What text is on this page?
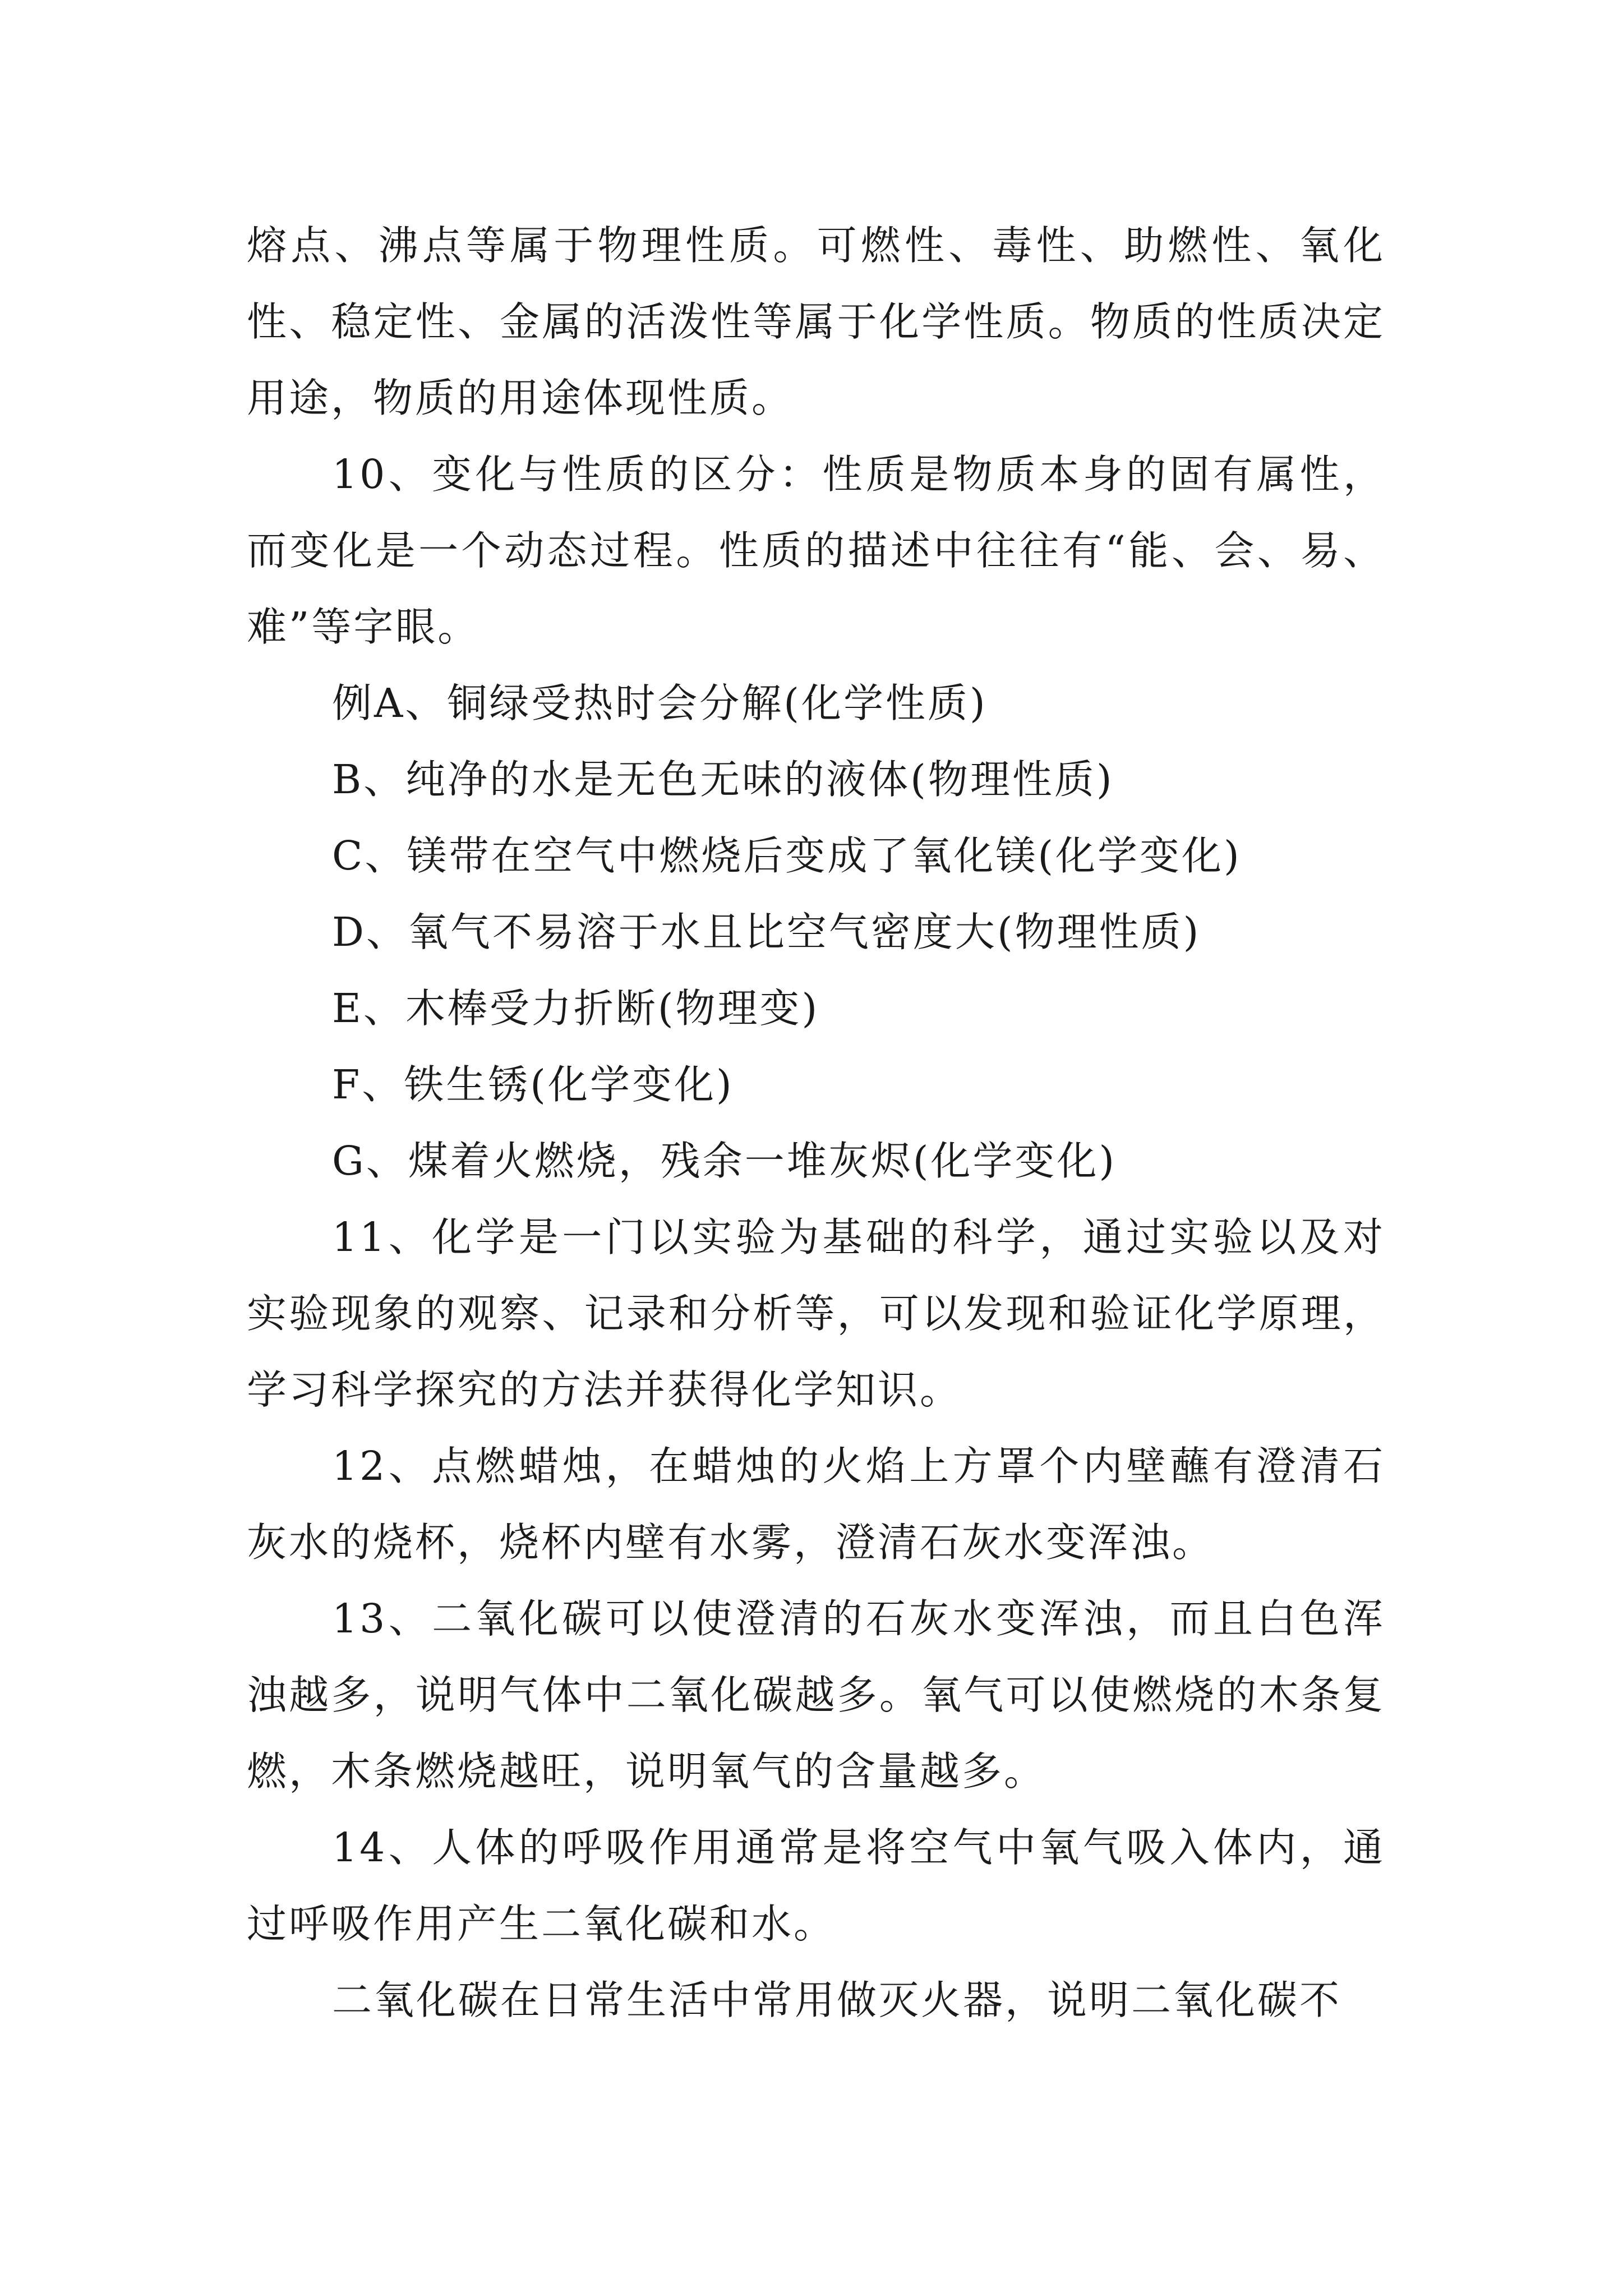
熔点、沸点等属于物理性质。可燃性、毒性、助燃性、氧化性、稳定性、金属的活泼性等属于化学性质。物质的性质决定用途，物质的用途体现性质。

10、变化与性质的区分：性质是物质本身的固有属性，而变化是一个动态过程。性质的描述中往往有“能、会、易、难”等字眼。

例A、铜绿受热时会分解(化学性质)

B、纯净的水是无色无味的液体(物理性质)

C、镁带在空气中燃烧后变成了氧化镁(化学变化)

D、氧气不易溶于水且比空气密度大(物理性质)

E、木棒受力折断(物理变)

F、铁生锈(化学变化)

G、煤着火燃烧，残余一堆灰烬(化学变化)

11、化学是一门以实验为基础的科学，通过实验以及对实验现象的观察、记录和分析等，可以发现和验证化学原理，学习科学探究的方法并获得化学知识。

12、点燃蜡烛，在蜡烛的火焰上方罩个内壁蘸有澄清石灰水的烧杯，烧杯内壁有水雾，澄清石灰水变浑浊。

13、二氧化碳可以使澄清的石灰水变浑浊，而且白色浑浊越多，说明气体中二氧化碳越多。氧气可以使燃烧的木条复燃，木条燃烧越旺，说明氧气的含量越多。

14、人体的呼吸作用通常是将空气中氧气吸入体内，通过呼吸作用产生二氧化碳和水。

二氧化碳在日常生活中常用做灭火器，说明二氧化碳不
